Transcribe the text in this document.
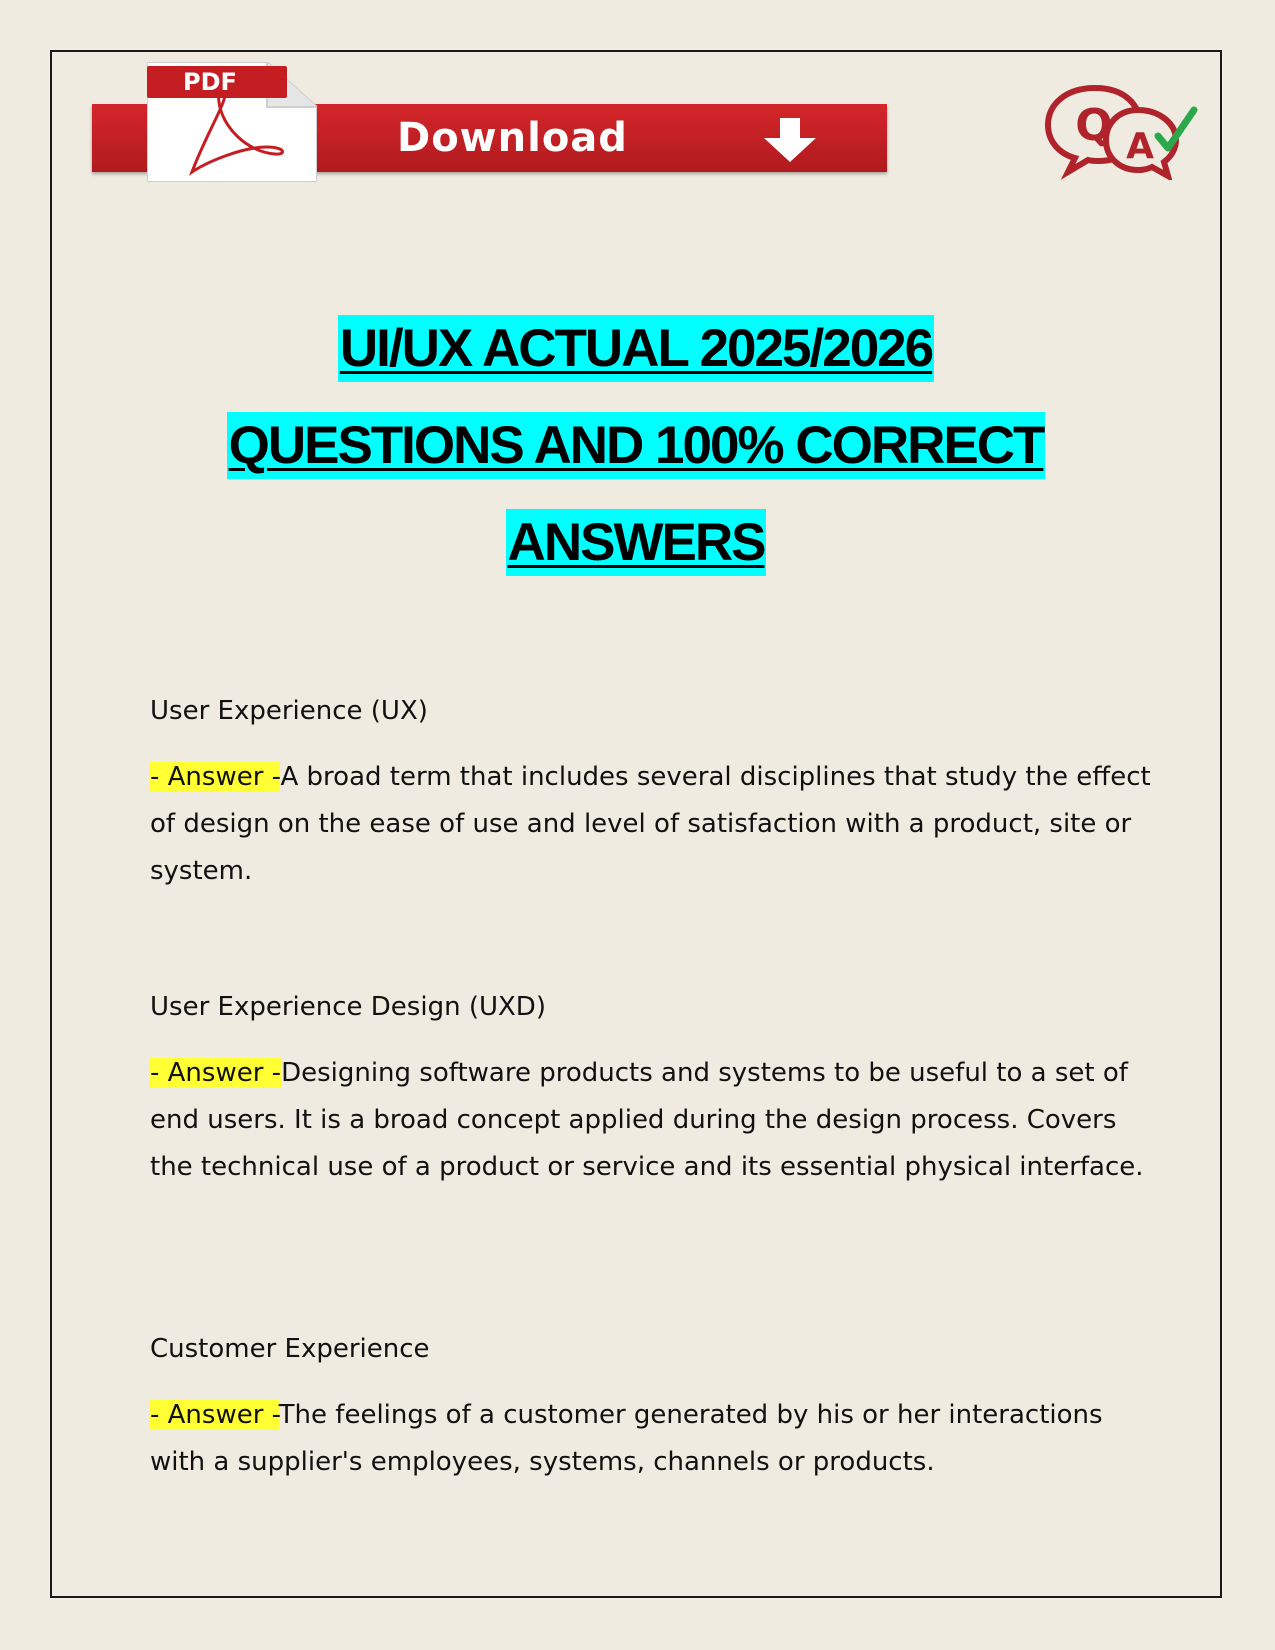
PDF
Download	Q A
UI/UX ACTUAL 2025/2026
QUESTIONS AND 100% CORRECT
ANSWERS

User Experience (UX)

- Answer -A broad term that includes several disciplines that study the effect of design on the ease of use and level of satisfaction with a product, site or system.

User Experience Design (UXD)

- Answer -Designing software products and systems to be useful to a set of end users. It is a broad concept applied during the design process. Covers the technical use of a product or service and its essential physical interface.

Customer Experience

- Answer -The feelings of a customer generated by his or her interactions with a supplier's employees, systems, channels or products.
